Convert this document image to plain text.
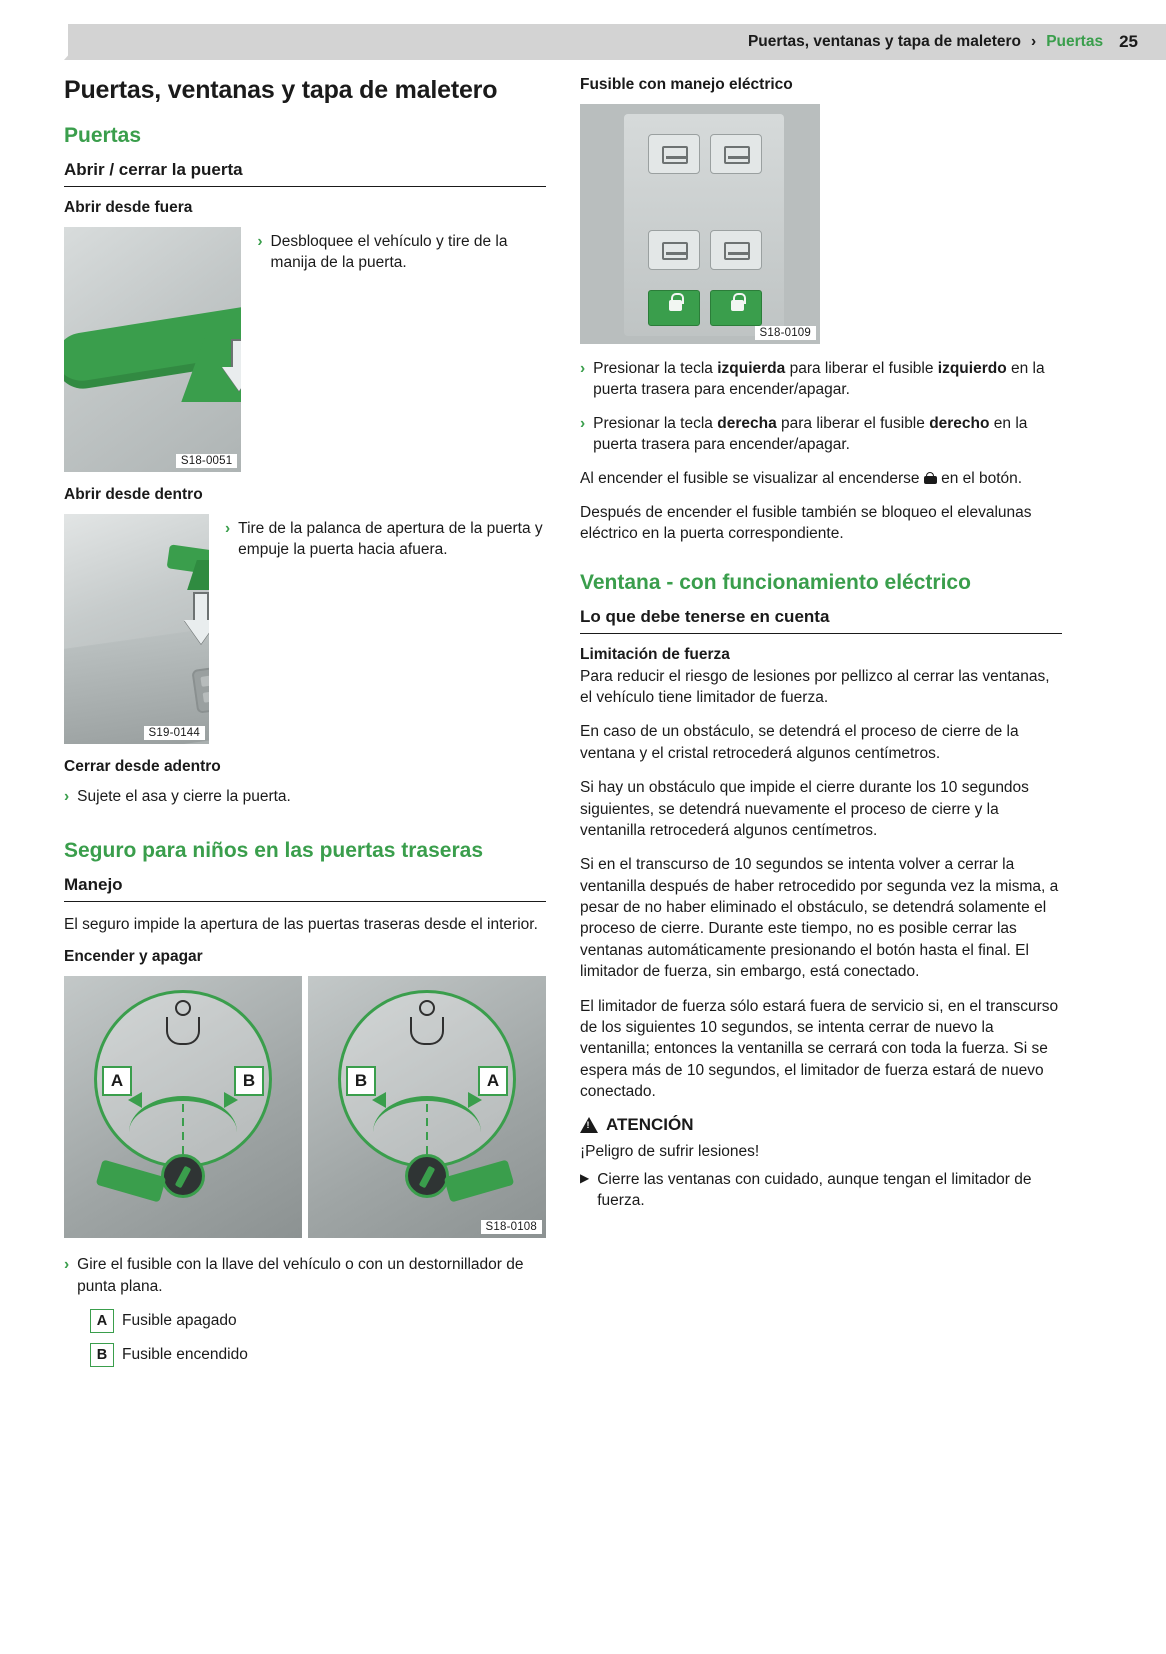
Puertas, ventanas y tapa de maletero › Puertas 25
Puertas, ventanas y tapa de maletero
Puertas
Abrir / cerrar la puerta
Abrir desde fuera
S18-0051
› Desbloquee el vehículo y tire de la manija de la puerta.
Abrir desde dentro
S19-0144
› Tire de la palanca de apertura de la puerta y empuje la puerta hacia afuera.
Cerrar desde adentro
› Sujete el asa y cierre la puerta.
Seguro para niños en las puertas traseras
Manejo

El seguro impide la apertura de las puertas traseras desde el interior.

Encender y apagar
A	B	B	A
S18-0108
› Gire el fusible con la llave del vehículo o con un destornillador de punta plana.
A Fusible apagado
B Fusible encendido
Fusible con manejo eléctrico
S18-0109
› Presionar la tecla izquierda para liberar el fusible izquierdo en la puerta trasera para encender/apagar.
› Presionar la tecla derecha para liberar el fusible derecho en la puerta trasera para encender/apagar.

Al encender el fusible se visualizar al encenderse
en el botón.

Después de encender el fusible también se bloqueo el elevalunas eléctrico en la puerta correspondiente.

Ventana - con funcionamiento eléctrico
Lo que debe tenerse en cuenta
Limitación de fuerza

Para reducir el riesgo de lesiones por pellizco al cerrar las ventanas, el vehículo tiene limitador de fuerza.

En caso de un obstáculo, se detendrá el proceso de cierre de la ventana y el cristal retrocederá algunos centímetros.

Si hay un obstáculo que impide el cierre durante los 10 segundos siguientes, se detendrá nuevamente el proceso de cierre y la ventanilla retrocederá algunos centímetros.

Si en el transcurso de 10 segundos se intenta volver a cerrar la ventanilla después de haber retrocedido por segunda vez la misma, a pesar de no haber eliminado el obstáculo, se detendrá solamente el proceso de cierre. Durante este tiempo, no es posible cerrar las ventanas automáticamente presionando el botón hasta el final. El limitador de fuerza, sin embargo, está conectado.

El limitador de fuerza sólo estará fuera de servicio si, en el transcurso de los siguientes 10 segundos, se intenta cerrar de nuevo la ventanilla; entonces la ventanilla se cerrará con toda la fuerza. Si se espera más de 10 segundos, el limitador de fuerza estará de nuevo conectado.

!
ATENCIÓN

¡Peligro de sufrir lesiones!

▶ Cierre las ventanas con cuidado, aunque tengan el limitador de fuerza.
